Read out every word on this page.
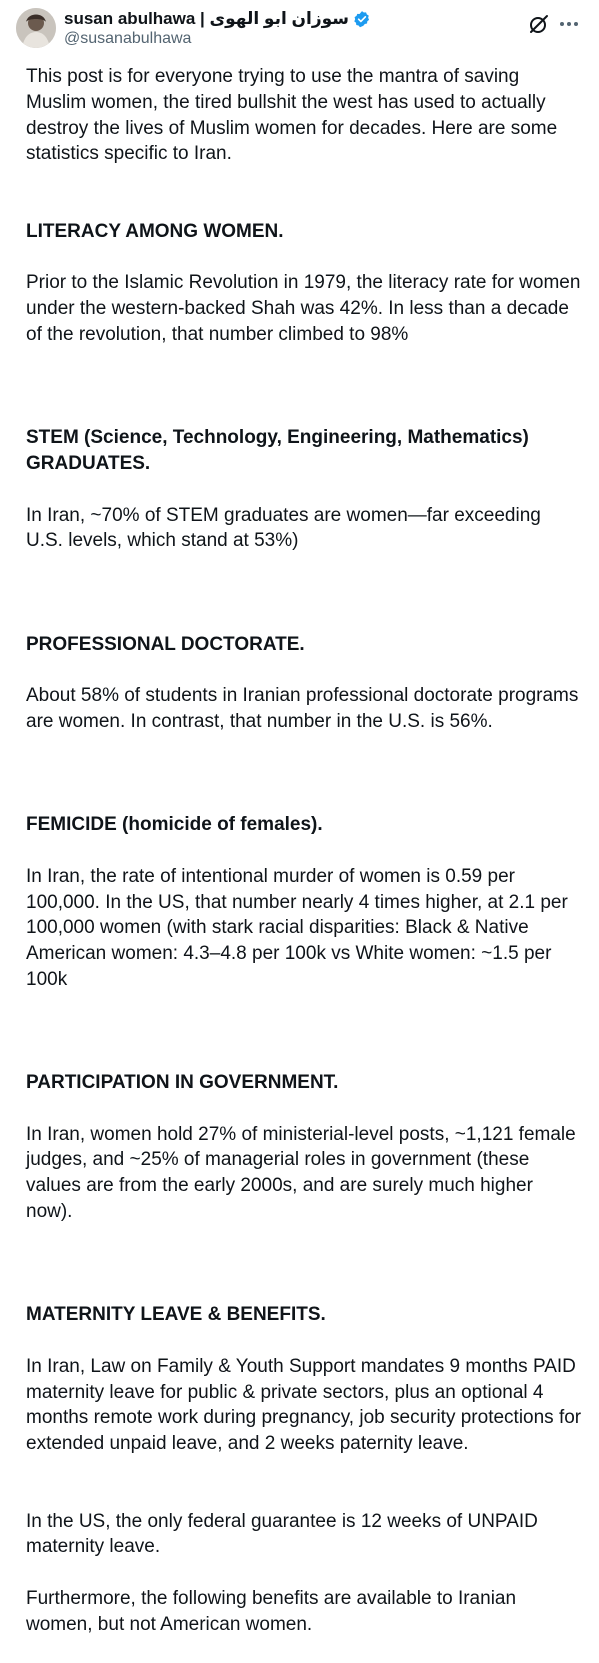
susan abulhawa | سوزان ابو الهوى
@susanabulhawa

This post is for everyone trying to use the mantra of saving Muslim women, the tired bullshit the west has used to actually destroy the lives of Muslim women for decades. Here are some statistics specific to Iran.

LITERACY AMONG WOMEN.

Prior to the Islamic Revolution in 1979, the literacy rate for women under the western-backed Shah was 42%. In less than a decade of the revolution, that number climbed to 98%

STEM (Science, Technology, Engineering, Mathematics) GRADUATES.

In Iran, ~70% of STEM graduates are women—far exceeding U.S. levels, which stand at 53%)

PROFESSIONAL DOCTORATE.

About 58% of students in Iranian professional doctorate programs are women. In contrast, that number in the U.S. is 56%.

FEMICIDE (homicide of females).

In Iran, the rate of intentional murder of women is 0.59 per 100,000. In the US, that number nearly 4 times higher, at 2.1 per 100,000 women (with stark racial disparities: Black & Native American women: 4.3–4.8 per 100k vs White women: ~1.5 per 100k

PARTICIPATION IN GOVERNMENT.

In Iran, women hold 27% of ministerial-level posts, ~1,121 female judges, and ~25% of managerial roles in government (these values are from the early 2000s, and are surely much higher now).

MATERNITY LEAVE & BENEFITS.

In Iran, Law on Family & Youth Support mandates 9 months PAID maternity leave for public & private sectors, plus an optional 4 months remote work during pregnancy, job security protections for extended unpaid leave, and 2 weeks paternity leave.

In the US, the only federal guarantee is 12 weeks of UNPAID maternity leave.

Furthermore, the following benefits are available to Iranian women, but not American women.
